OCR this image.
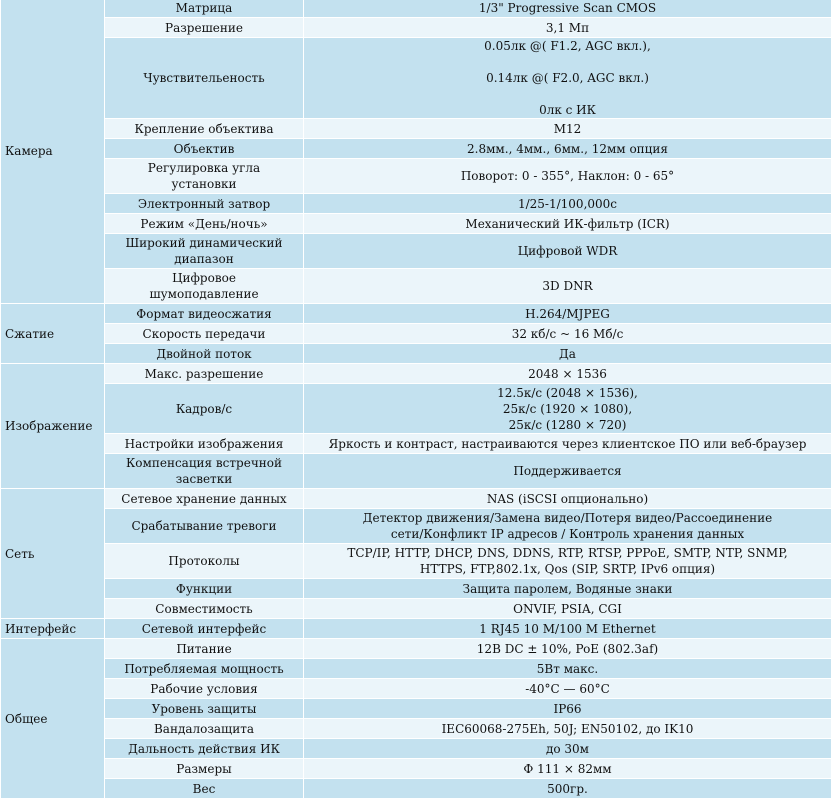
Камера	Матрица	1/3" Progressive Scan CMOS

	Разрешение	3,1 Мп

	Чувствительеность	0.05лк @( F1.2, AGC вкл.),

0.14лк @( F2.0, AGC вкл.)

0лк с ИК

	Крепление объектива	M12

	Объектив	2.8мм., 4мм., 6мм., 12мм опция

	Регулировка угла
установки	Поворот: 0 - 355°, Наклон: 0 - 65°

	Электронный затвор	1/25-1/100,000c

	Режим «День/ночь»	Механический ИК-фильтр (ICR)

	Широкий динамический
диапазон	Цифровой WDR

	Цифровое
шумоподавление	3D DNR

Сжатие	Формат видеосжатия	H.264/MJPEG

	Скорость передачи	32 кб/с ~ 16 Мб/с

	Двойной поток	Да

Изображение	Макс. разрешение	2048 × 1536

	Кадров/с	12.5к/с (2048 × 1536),
25к/с (1920 × 1080),
25к/с (1280 × 720)

	Настройки изображения	Яркость и контраст, настраиваются через клиентское ПО или веб-браузер

	Компенсация встречной
засветки	Поддерживается

Сеть	Сетевое хранение данных	NAS (iSCSI опционально)

	Срабатывание тревоги	Детектор движения/Замена видео/Потеря видео/Рассоединение
сети/Конфликт IP адресов / Контроль хранения данных

	Протоколы	TCP/IP, HTTP, DHCP, DNS, DDNS, RTP, RTSP, PPPoE, SMTP, NTP, SNMP,
HTTPS, FTP,802.1x, Qos (SIP, SRTP, IPv6 опция)

	Функции	Защита паролем, Водяные знаки

	Совместимость	ONVIF, PSIA, CGI

Интерфейс	Сетевой интерфейс	1 RJ45 10 M/100 M Ethernet

Общее	Питание	12В DC ± 10%, PoE (802.3af)

	Потребляемая мощность	5Вт макс.

	Рабочие условия	-40°C — 60°C

	Уровень защиты	IP66

	Вандалозащита	IEC60068-275Eh, 50J; EN50102, до IK10

	Дальность действия ИК	до 30м

	Размеры	Ф 111 × 82мм

	Вес	500гр.
